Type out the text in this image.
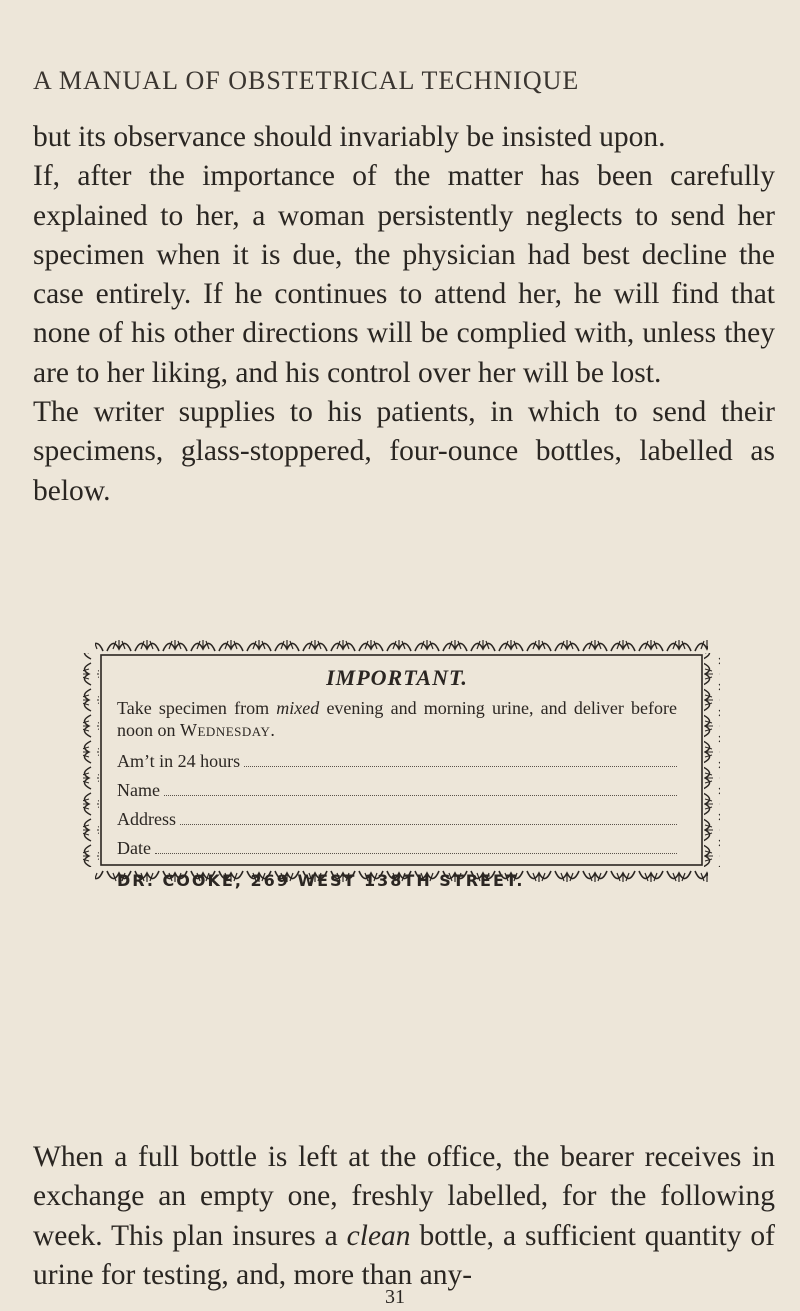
A MANUAL OF OBSTETRICAL TECHNIQUE

but its observance should invariably be insisted upon.

If, after the importance of the matter has been carefully explained to her, a woman persistently neglects to send her specimen when it is due, the physician had best decline the case entirely. If he continues to attend her, he will find that none of his other directions will be complied with, unless they are to her liking, and his control over her will be lost.

The writer supplies to his patients, in which to send their specimens, glass-stoppered, four-ounce bottles, labelled as below.

IMPORTANT.
Take specimen from mixed evening and morning urine, and deliver before noon on Wednesday.
Am’t in 24 hours
Name
Address
Date
DR. COOKE, 269 WEST 138TH STREET.

When a full bottle is left at the office, the bearer receives in exchange an empty one, freshly labelled, for the following week. This plan insures a clean bottle, a sufficient quantity of urine for testing, and, more than any-

31
